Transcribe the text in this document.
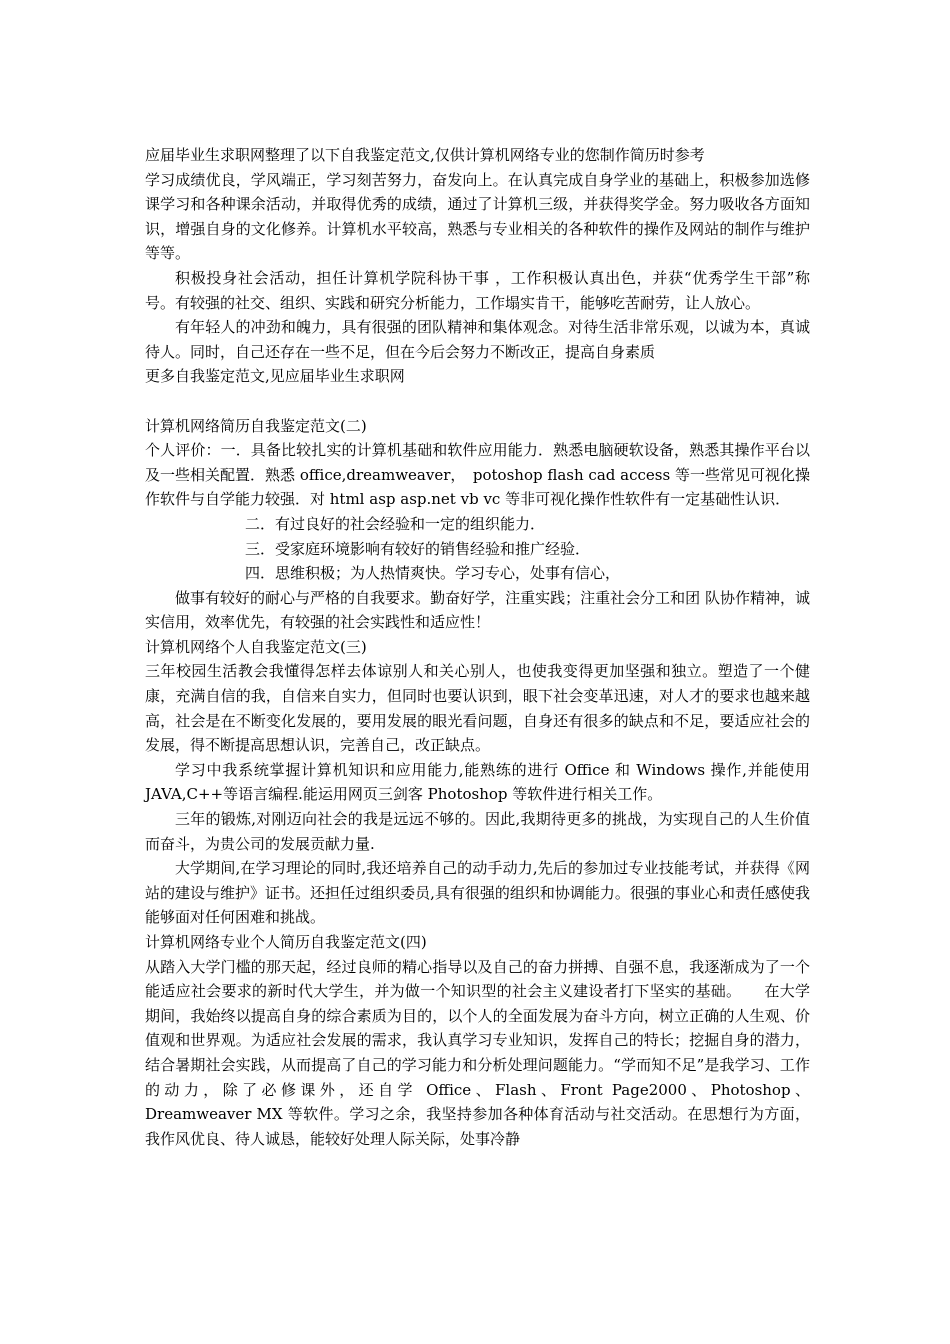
应届毕业生求职网整理了以下自我鉴定范文,仅供计算机网络专业的您制作简历时参考

学习成绩优良，学风端正，学习刻苦努力，奋发向上。在认真完成自身学业的基础上，积极参加选修课学习和各种课余活动，并取得优秀的成绩，通过了计算机三级，并获得奖学金。努力吸收各方面知识，增强自身的文化修养。计算机水平较高，熟悉与专业相关的各种软件的操作及网站的制作与维护等等。

积极投身社会活动，担任计算机学院科协干事 ，工作积极认真出色，并获“优秀学生干部”称号。有较强的社交、组织、实践和研究分析能力，工作塌实肯干，能够吃苦耐劳，让人放心。

有年轻人的冲劲和魄力，具有很强的团队精神和集体观念。对待生活非常乐观，以诚为本，真诚待人。同时，自己还存在一些不足，但在今后会努力不断改正，提高自身素质

更多自我鉴定范文,见应届毕业生求职网

计算机网络简历自我鉴定范文(二)

个人评价：一．具备比较扎实的计算机基础和软件应用能力．熟悉电脑硬软设备，熟悉其操作平台以及一些相关配置．熟悉 office,dreamweaver，　potoshop flash cad access 等一些常见可视化操作软件与自学能力较强．对 html asp asp.net vb vc 等非可视化操作性软件有一定基础性认识．

二．有过良好的社会经验和一定的组织能力．

三．受家庭环境影响有较好的销售经验和推广经验．

四．思维积极；为人热情爽快。学习专心，处事有信心，

做事有较好的耐心与严格的自我要求。勤奋好学，注重实践；注重社会分工和团 队协作精神，诚实信用，效率优先，有较强的社会实践性和适应性！

计算机网络个人自我鉴定范文(三)

三年校园生活教会我懂得怎样去体谅别人和关心别人，也使我变得更加坚强和独立。塑造了一个健康，充满自信的我，自信来自实力，但同时也要认识到，眼下社会变革迅速，对人才的要求也越来越高，社会是在不断变化发展的，要用发展的眼光看问题，自身还有很多的缺点和不足，要适应社会的发展，得不断提高思想认识，完善自己，改正缺点。

学习中我系统掌握计算机知识和应用能力,能熟练的进行 Office 和 Windows 操作,并能使用 JAVA,C++等语言编程.能运用网页三剑客 Photoshop 等软件进行相关工作。

三年的锻炼,对刚迈向社会的我是远远不够的。因此,我期待更多的挑战，为实现自己的人生价值而奋斗，为贵公司的发展贡献力量.

大学期间,在学习理论的同时,我还培养自己的动手动力,先后的参加过专业技能考试，并获得《网站的建设与维护》证书。还担任过组织委员,具有很强的组织和协调能力。很强的事业心和责任感使我能够面对任何困难和挑战。

计算机网络专业个人简历自我鉴定范文(四)

从踏入大学门槛的那天起，经过良师的精心指导以及自己的奋力拼搏、自强不息，我逐渐成为了一个能适应社会要求的新时代大学生，并为做一个知识型的社会主义建设者打下坚实的基础。　　在大学期间，我始终以提高自身的综合素质为目的，以个人的全面发展为奋斗方向，树立正确的人生观、价值观和世界观。为适应社会发展的需求，我认真学习专业知识，发挥自己的特长；挖掘自身的潜力，结合暑期社会实践，从而提高了自己的学习能力和分析处理问题能力。“学而知不足”是我学习、工作的动力，除了必修课外，还自学 Office、Flash、Front Page2000、Photoshop、Dreamweaver MX 等软件。学习之余，我坚持参加各种体育活动与社交活动。在思想行为方面，我作风优良、待人诚恳，能较好处理人际关际，处事冷静
